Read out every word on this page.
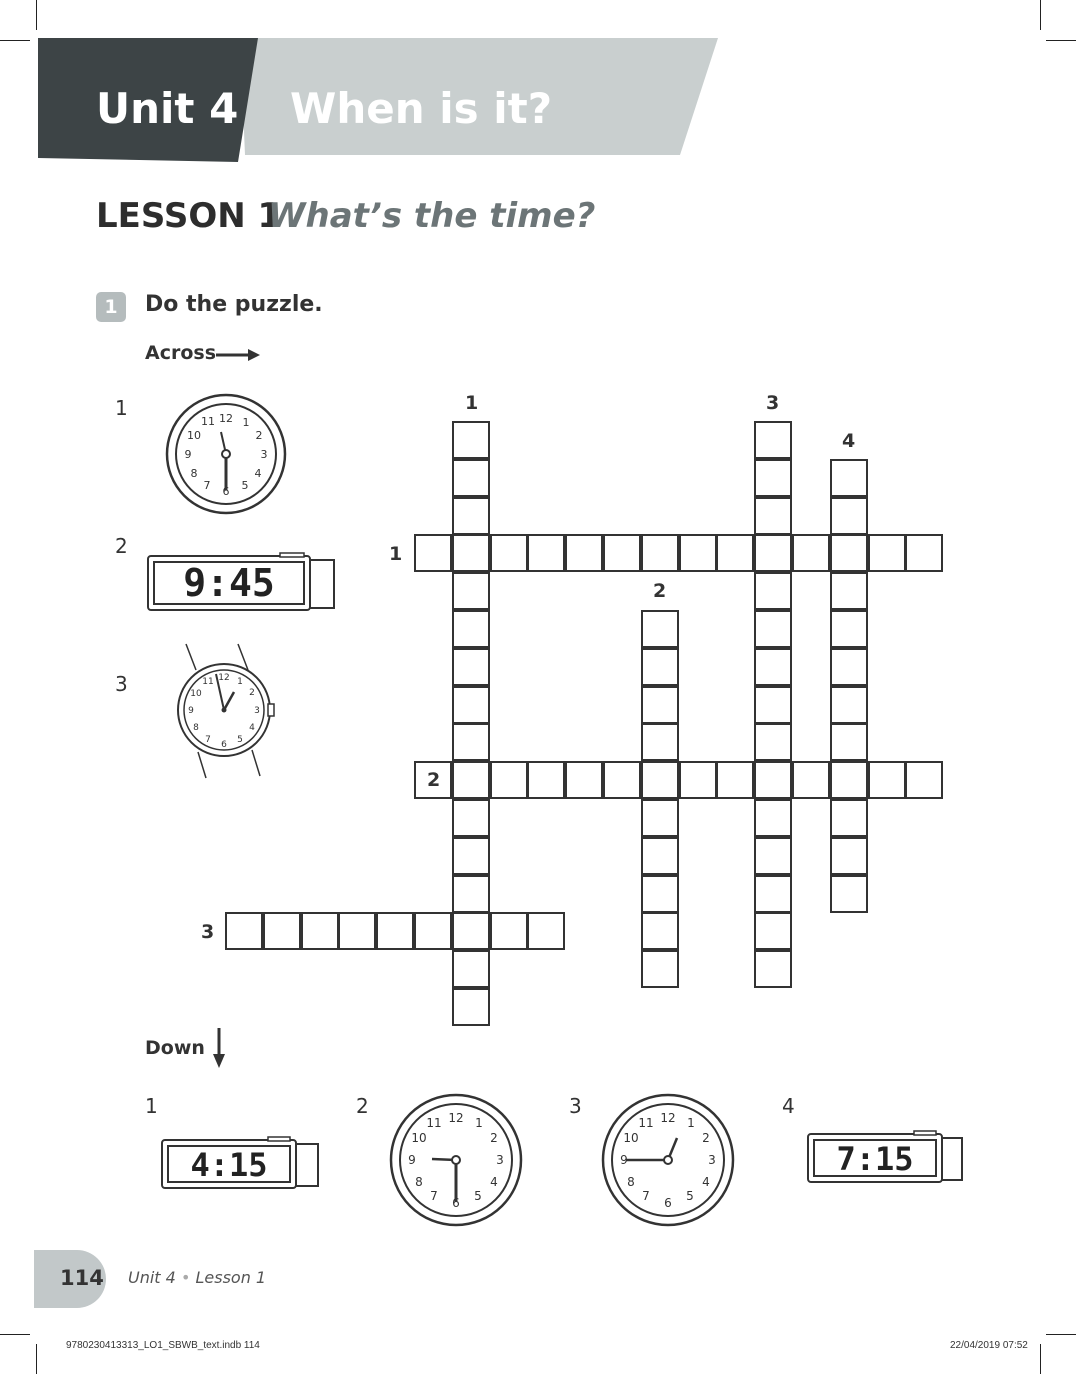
Unit 4 When is it?
LESSON 1
What’s the time?
1	Do the puzzle.
Across
1
2
3
12 1
2
3
4
5
6
7
8
9
10
11
9:45
12 1
2
3
4
5
6
7
8
9
10
11
1	3
4
1
2
2
3
Down
1	2	3	4
4:15
12 1
2
3
4
5
6
7
8
9
10
11	12 1
2
3
4
5
6
7
8
9
10
11
7:15
114 Unit 4 • Lesson 1
9780230413313_LO1_SBWB_text.indb 114	22/04/2019 07:52
